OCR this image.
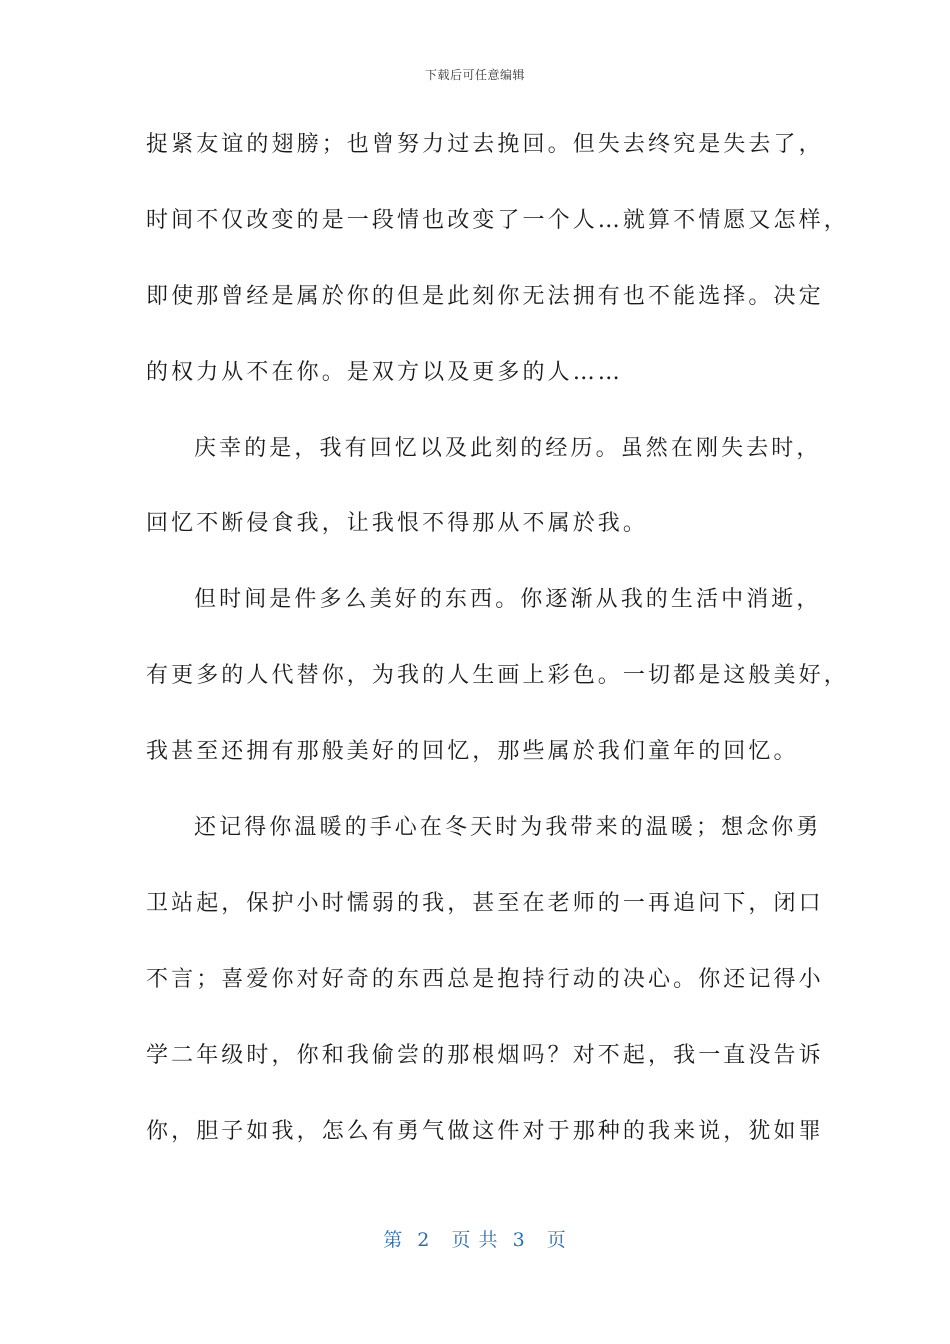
下载后可任意编辑
捉紧友谊的翅膀；也曾努力过去挽回。但失去终究是失去了，
时间不仅改变的是一段情也改变了一个人…就算不情愿又怎样，
即使那曾经是属於你的但是此刻你无法拥有也不能选择。决定
的权力从不在你。是双方以及更多的人……
庆幸的是，我有回忆以及此刻的经历。虽然在刚失去时，
回忆不断侵食我，让我恨不得那从不属於我。
但时间是件多么美好的东西。你逐渐从我的生活中消逝，
有更多的人代替你，为我的人生画上彩色。一切都是这般美好，
我甚至还拥有那般美好的回忆，那些属於我们童年的回忆。
还记得你温暖的手心在冬天时为我带来的温暖；想念你勇
卫站起，保护小时懦弱的我，甚至在老师的一再追问下，闭口
不言；喜爱你对好奇的东西总是抱持行动的决心。你还记得小
学二年级时，你和我偷尝的那根烟吗？对不起，我一直没告诉
你，胆子如我，怎么有勇气做这件对于那种的我来说，犹如罪
第  2   页 共  3   页
